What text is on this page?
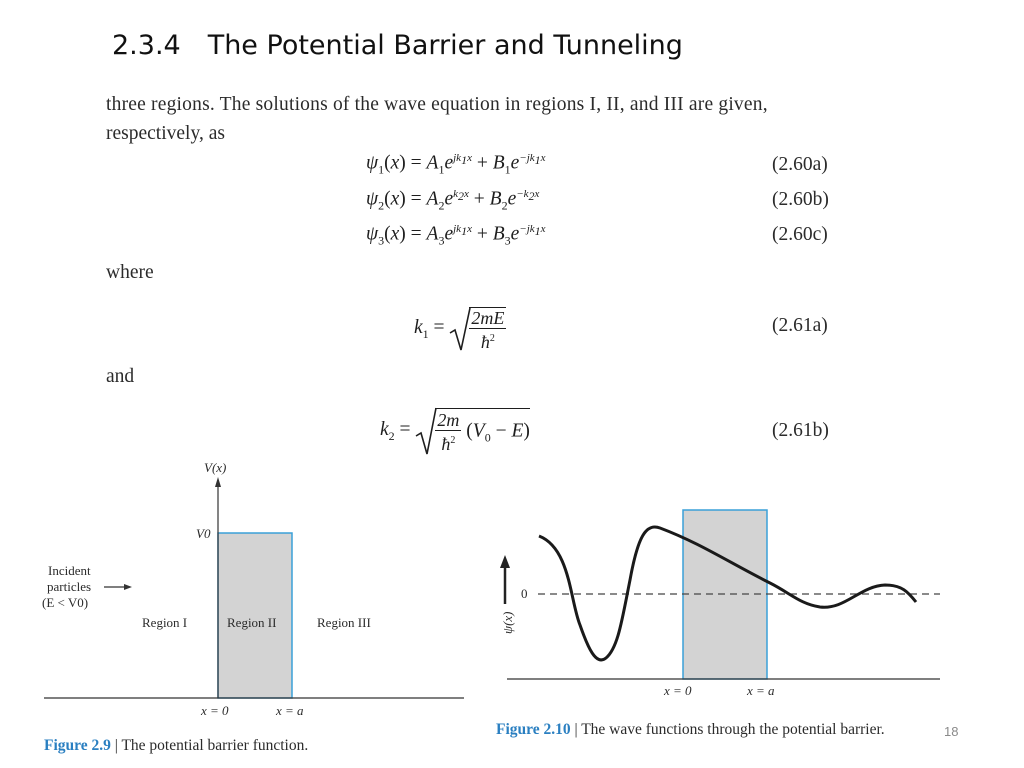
2.3.4 The Potential Barrier and Tunneling
three regions. The solutions of the wave equation in regions I, II, and III are given,
respectively, as
$\psi_1(x) = A_1e^{jk_1x} + B_1e^{-jk_1x}$	(2.60a)
$\psi_2(x) = A_2e^{k_2x} + B_2e^{-k_2x}$	(2.60b)
$\psi_3(x) = A_3e^{jk_1x} + B_3e^{-jk_1x}$	(2.60c)
where
$k_1 = \frac{2mE}{ħ^2}$	(2.61a)
and
$k_2 = \frac{2m}{ħ^2} (V_0 - E)$	(2.61b)
V(x)
V0
Incident
particles
(E < V0)
Region I	Region II	Region III
x = 0	x = a
Figure 2.9 | The potential barrier function.
0
ψ(x)
x = 0	x = a
Figure 2.10 | The wave functions through the potential barrier.	18
